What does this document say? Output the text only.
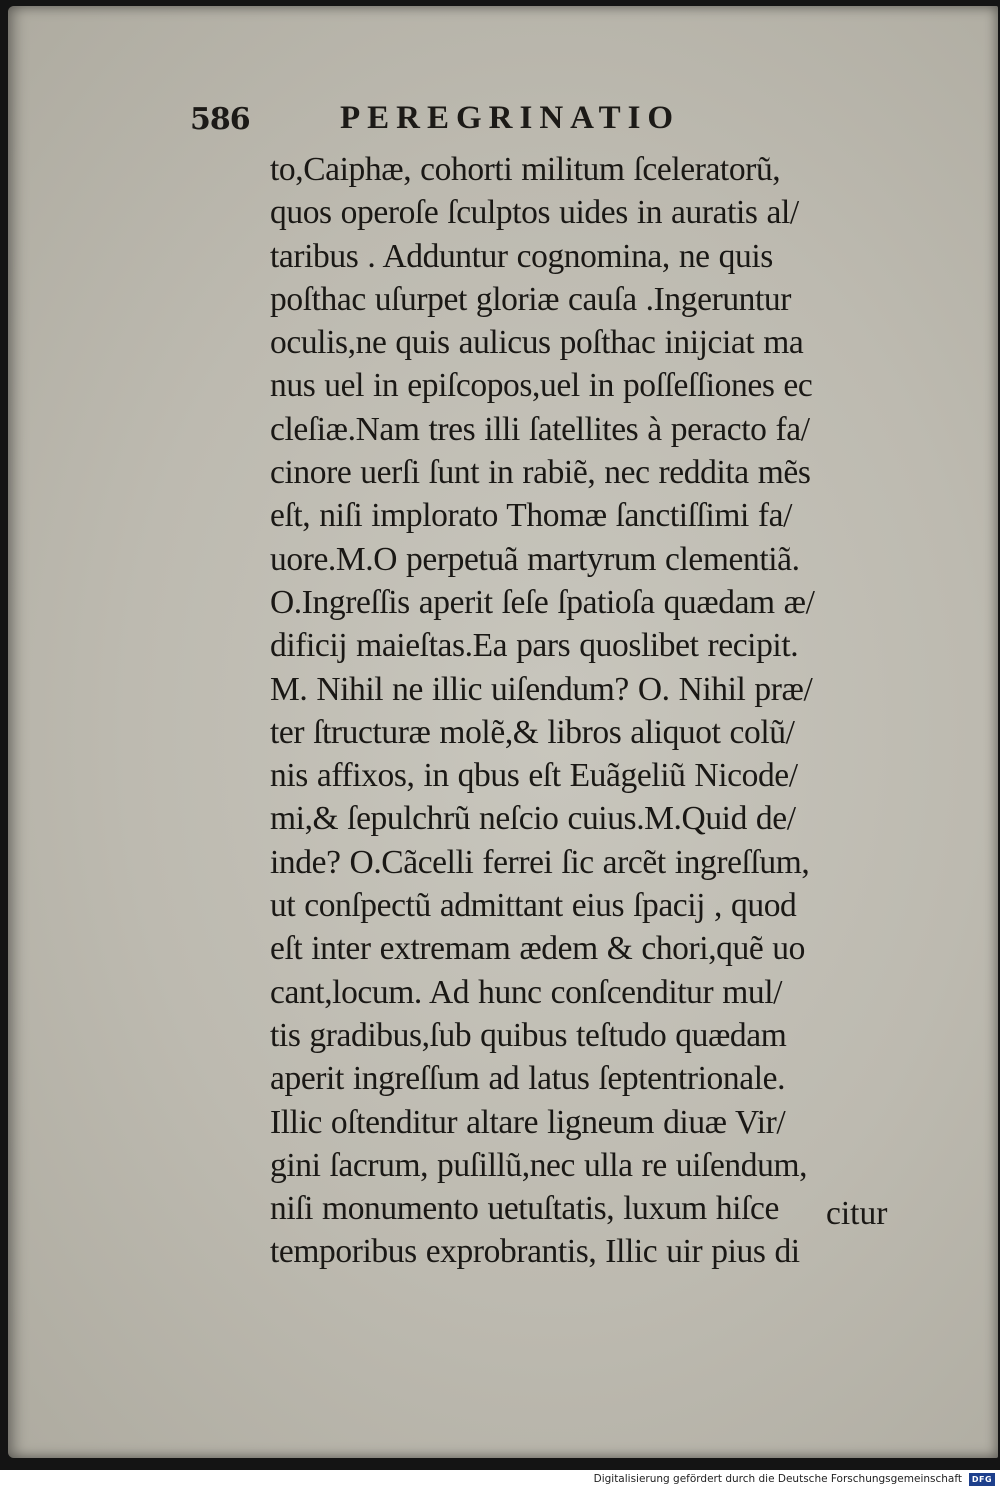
586	PEREGRINATIO
to,Caiphæ, cohorti militum ſceleratorũ,
quos operoſe ſculptos uides in auratis al/
taribus . Adduntur cognomina, ne quis
poſthac uſurpet gloriæ cauſa .Ingeruntur
oculis,ne quis aulicus poſthac inijciat ma
nus uel in epiſcopos,uel in poſſeſſiones ec
cleſiæ.Nam tres illi ſatellites à peracto fa/
cinore uerſi ſunt in rabiẽ, nec reddita mẽs
eſt, niſi implorato Thomæ ſanctiſſimi fa/
uore.M.O perpetuã martyrum clementiã.
O.Ingreſſis aperit ſeſe ſpatioſa quædam æ/
dificij maieſtas.Ea pars quoslibet recipit.
M. Nihil ne illic uiſendum? O. Nihil præ/
ter ſtructuræ molẽ,& libros aliquot colũ/
nis affixos, in qbus eſt Euãgeliũ Nicode/
mi,& ſepulchrũ neſcio cuius.M.Quid de/
inde? O.Cãcelli ferrei ſic arcẽt ingreſſum,
ut conſpectũ admittant eius ſpacij , quod
eſt inter extremam ædem & chori,quẽ uo
cant,locum. Ad hunc conſcenditur mul/
tis gradibus,ſub quibus teſtudo quædam
aperit ingreſſum ad latus ſeptentrionale.
Illic oſtenditur altare ligneum diuæ Vir/
gini ſacrum, puſillũ,nec ulla re uiſendum,
niſi monumento uetuſtatis, luxum hiſce
temporibus exprobrantis, Illic uir pius di
citur
Digitalisierung gefördert durch die Deutsche Forschungsgemeinschaft	DFG
